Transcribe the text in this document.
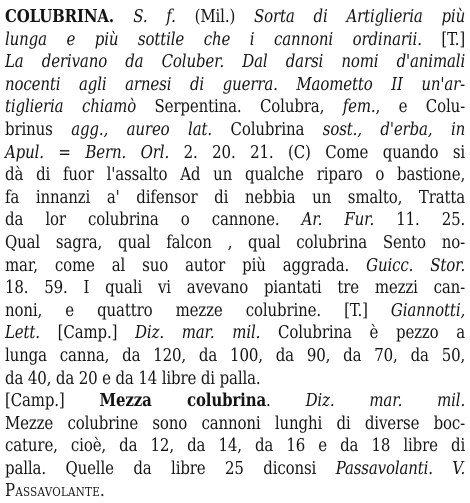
COLUBRINA. S. f. (Mil.) Sorta di Artiglieria più
lunga e più sottile che i cannoni ordinarii. [T.]
La derivano da Coluber. Dal darsi nomi d'animali
nocenti agli arnesi di guerra. Maometto II un'ar-
tiglieria chiamò Serpentina. Colubra, fem., e Colu-
brinus agg., aureo lat. Colubrina sost., d'erba, in
Apul. = Bern. Orl. 2. 20. 21. (C) Come quando si
dà di fuor l'assalto Ad un qualche riparo o bastione,
fa innanzi a' difensor di nebbia un smalto, Tratta
da lor colubrina o cannone. Ar. Fur. 11. 25.
Qual sagra, qual falcon , qual colubrina Sento no-
mar, come al suo autor più aggrada. Guicc. Stor.
18. 59. I quali vi avevano piantati tre mezzi can-
noni, e quattro mezze colubrine. [T.] Giannotti,
Lett. [Camp.] Diz. mar. mil. Colubrina è pezzo a
lunga canna, da 120, da 100, da 90, da 70, da 50,
da 40, da 20 e da 14 libre di palla.
[Camp.] Mezza colubrina. Diz. mar. mil.
Mezze colubrine sono cannoni lunghi di diverse boc-
cature, cioè, da 12, da 14, da 16 e da 18 libre di
palla. Quelle da libre 25 diconsi Passavolanti. V.
Passavolante.
